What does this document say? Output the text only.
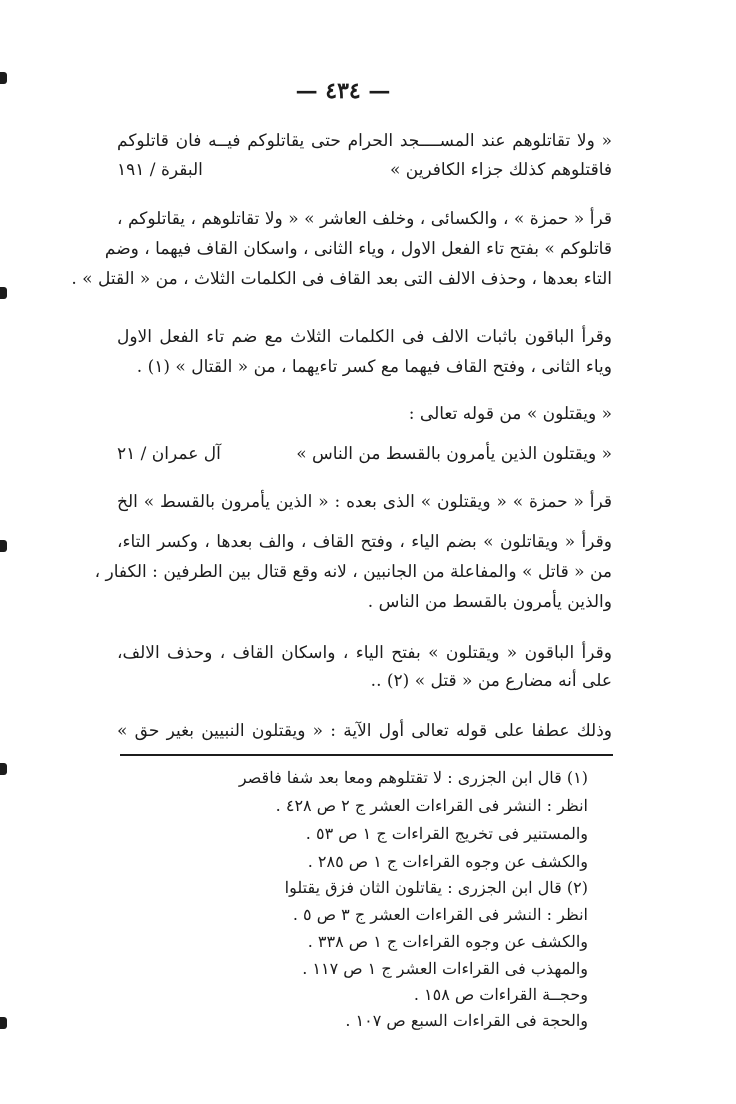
— ٤٣٤ —
« ولا تقاتلوهم عند المســــجد الحرام حتى يقاتلوكم فيــه فان قاتلوكم
فاقتلوهم كذلك جزاء الكافرين »
البقرة / ١٩١
قرأ « حمزة » ، والكسائى ، وخلف العاشر » « ولا تقاتلوهم ، يقاتلوكم ،
قاتلوكم » بفتح تاء الفعل الاول ، وياء الثانى ، واسكان القاف فيهما ، وضم
التاء بعدها ، وحذف الالف التى بعد القاف فى الكلمات الثلاث ، من « القتل » .
وقرأ الباقون باثبات الالف فى الكلمات الثلاث مع ضم تاء الفعل الاول
وياء الثانى ، وفتح القاف فيهما مع كسر تاءيهما ، من « القتال » (١) .
« ويقتلون » من قوله تعالى :
« ويقتلون الذين يأمرون بالقسط من الناس »
آل عمران / ٢١
قرأ « حمزة » « ويقتلون » الذى بعده : « الذين يأمرون بالقسط » الخ
وقرأ « ويقاتلون » بضم الياء ، وفتح القاف ، والف بعدها ، وكسر التاء،
من « قاتل » والمفاعلة من الجانبين ، لانه وقع قتال بين الطرفين : الكفار ،
والذين يأمرون بالقسط من الناس .
وقرأ الباقون « ويقتلون » بفتح الياء ، واسكان القاف ، وحذف الالف،
على أنه مضارع من « قتل » (٢) ..
وذلك عطفا على قوله تعالى أول الآية : « ويقتلون النبيين بغير حق »
(١) قال ابن الجزرى : لا تقتلوهم ومعا بعد شفا فاقصر
انظر : النشر فى القراءات العشر ج ٢ ص ٤٢٨ .
والمستنير فى تخريج القراءات ج ١ ص ٥٣ .
والكشف عن وجوه القراءات ج ١ ص ٢٨٥ .
(٢) قال ابن الجزرى : يقاتلون الثان فزق يقتلوا
انظر : النشر فى القراءات العشر ج ٣ ص ٥ .
والكشف عن وجوه القراءات ج ١ ص ٣٣٨ .
والمهذب فى القراءات العشر ج ١ ص ١١٧ .
وحجــة القراءات ص ١٥٨ .
والحجة فى القراءات السبع ص ١٠٧ .
